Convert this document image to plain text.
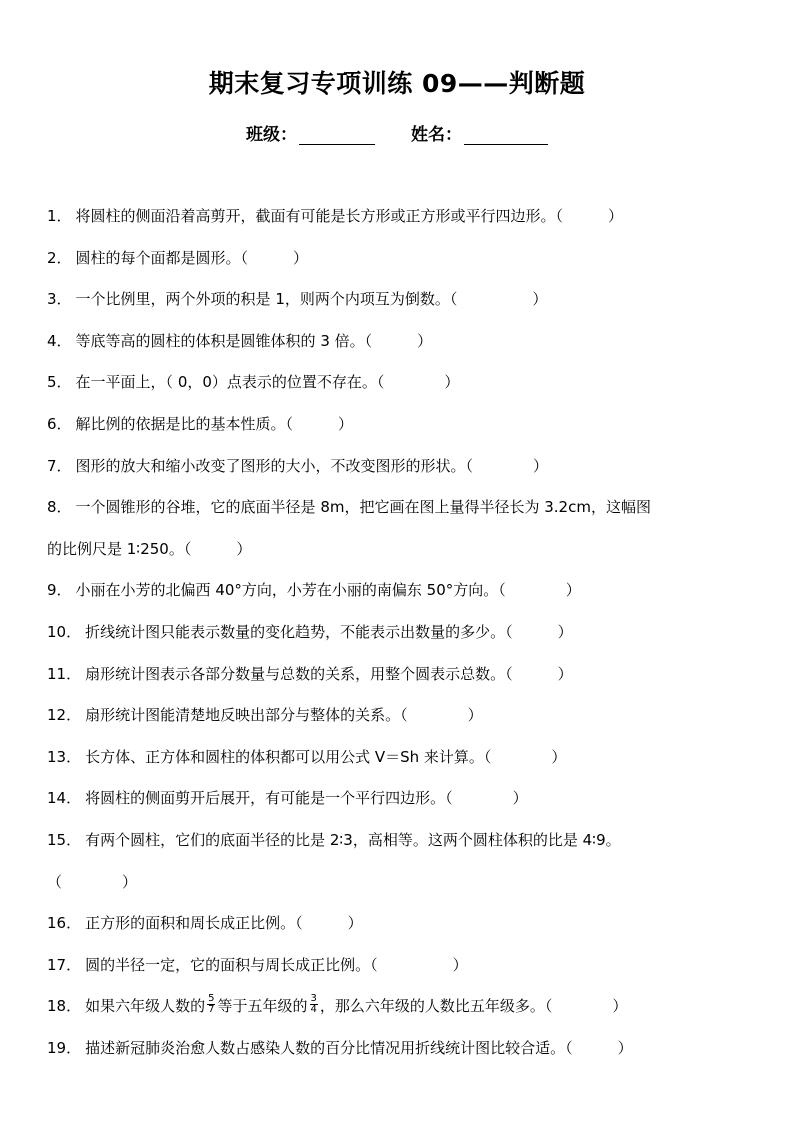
期末复习专项训练 09——判断题
班级：	姓名：
1． 将圆柱的侧面沿着高剪开，截面有可能是长方形或正方形或平行四边形。（　　　）
2． 圆柱的每个面都是圆形。（　　　）
3． 一个比例里，两个外项的积是 1，则两个内项互为倒数。（　　　　　）
4． 等底等高的圆柱的体积是圆锥体积的 3 倍。（　　　）
5． 在一平面上，（ 0，0）点表示的位置不存在。（　　　　）
6． 解比例的依据是比的基本性质。（　　　）
7． 图形的放大和缩小改变了图形的大小，不改变图形的形状。（　　　　）
8． 一个圆锥形的谷堆，它的底面半径是 8m，把它画在图上量得半径长为 3.2cm，这幅图
的比例尺是 1∶250。（　　　）
9． 小丽在小芳的北偏西 40°方向，小芳在小丽的南偏东 50°方向。（　　　　）
10． 折线统计图只能表示数量的变化趋势，不能表示出数量的多少。（　　　）
11． 扇形统计图表示各部分数量与总数的关系，用整个圆表示总数。（　　　）
12． 扇形统计图能清楚地反映出部分与整体的关系。（　　　　）
13． 长方体、正方体和圆柱的体积都可以用公式 V＝Sh 来计算。（　　　　）
14． 将圆柱的侧面剪开后展开，有可能是一个平行四边形。（　　　　）
15． 有两个圆柱，它们的底面半径的比是 2∶3，高相等。这两个圆柱体积的比是 4∶9。
（　　　　）
16． 正方形的面积和周长成正比例。（　　　）
17． 圆的半径一定，它的面积与周长成正比例。（　　　　　）
18． 如果六年级人数的 $\frac{5}{7}$ 等于五年级的 $\frac{3}{4}$ ，那么六年级的人数比五年级多。（　　　　）
19． 描述新冠肺炎治愈人数占感染人数的百分比情况用折线统计图比较合适。（　　　）
